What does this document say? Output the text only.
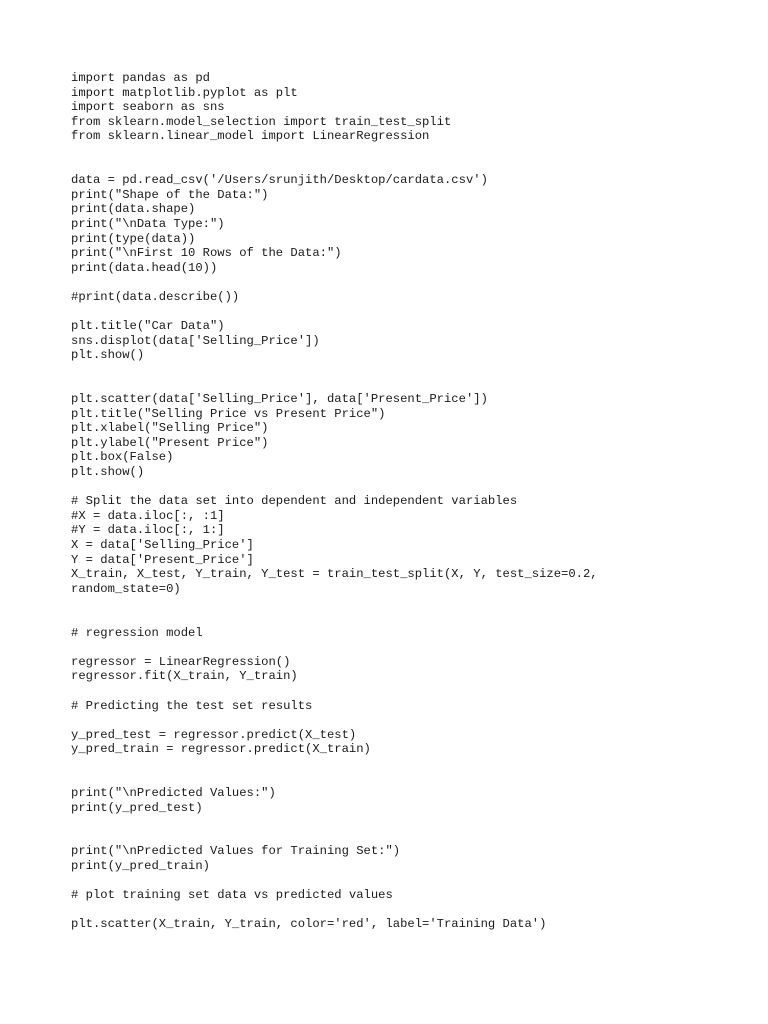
import pandas as pd
import matplotlib.pyplot as plt
import seaborn as sns
from sklearn.model_selection import train_test_split
from sklearn.linear_model import LinearRegression
data = pd.read_csv('/Users/srunjith/Desktop/cardata.csv')
print("Shape of the Data:")
print(data.shape)
print("\nData Type:")
print(type(data))
print("\nFirst 10 Rows of the Data:")
print(data.head(10))
#print(data.describe())
plt.title("Car Data")
sns.displot(data['Selling_Price'])
plt.show()
plt.scatter(data['Selling_Price'], data['Present_Price'])
plt.title("Selling Price vs Present Price")
plt.xlabel("Selling Price")
plt.ylabel("Present Price")
plt.box(False)
plt.show()
# Split the data set into dependent and independent variables
#X = data.iloc[:, :1]
#Y = data.iloc[:, 1:]
X = data['Selling_Price']
Y = data['Present_Price']
X_train, X_test, Y_train, Y_test = train_test_split(X, Y, test_size=0.2,
random_state=0)
# regression model
regressor = LinearRegression()
regressor.fit(X_train, Y_train)
# Predicting the test set results
y_pred_test = regressor.predict(X_test)
y_pred_train = regressor.predict(X_train)
print("\nPredicted Values:")
print(y_pred_test)
print("\nPredicted Values for Training Set:")
print(y_pred_train)
# plot training set data vs predicted values
plt.scatter(X_train, Y_train, color='red', label='Training Data')
